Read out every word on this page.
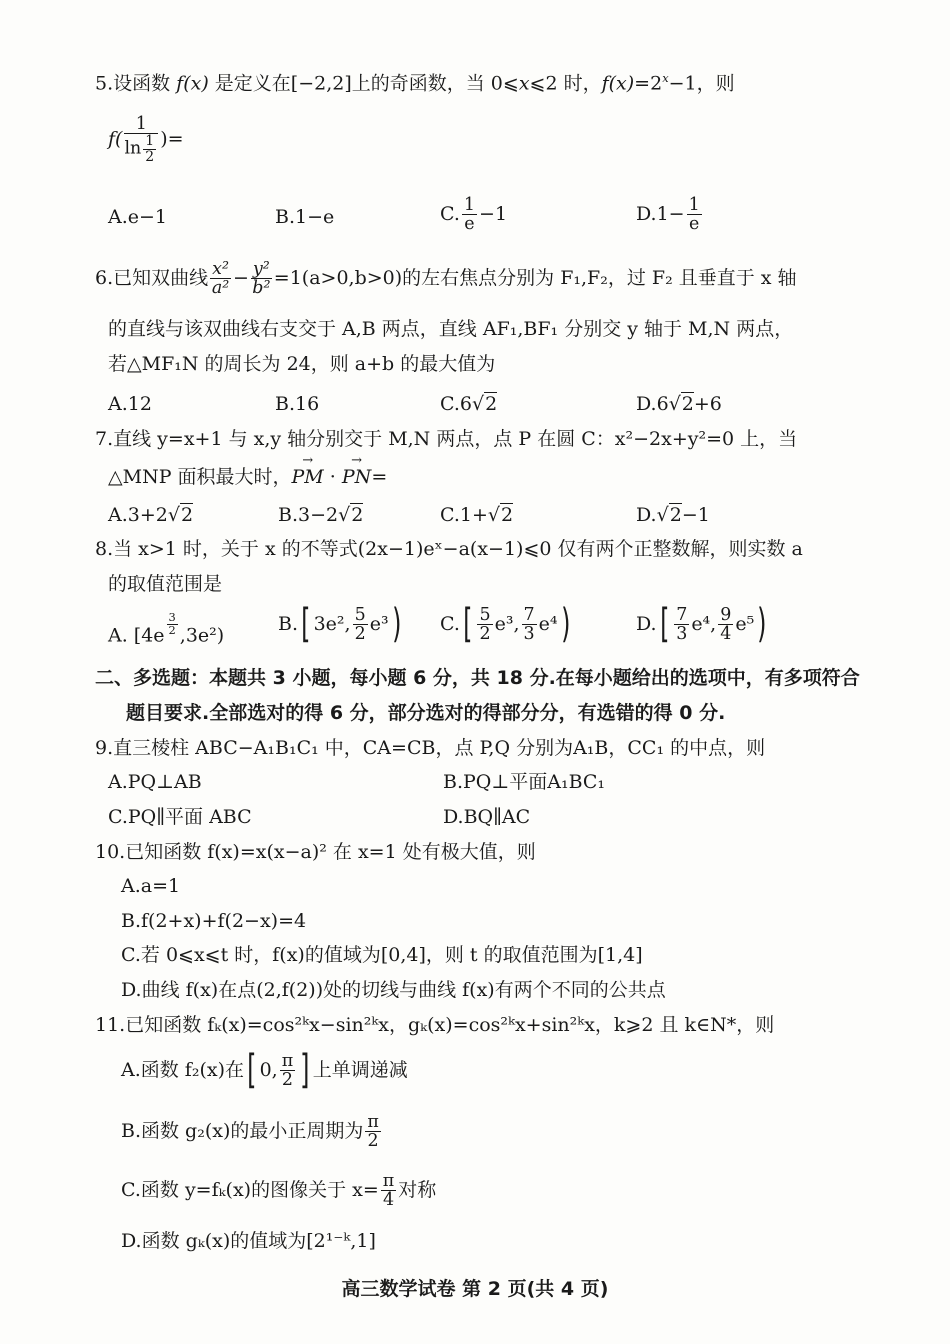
5.设函数 f(x) 是定义在[−2,2]上的奇函数，当 0⩽x⩽2 时，$f(x)=2^x-1$，则
$f( \frac{1}{\ln \frac{1}{2}}$ )=
A.e−1	B.1−e	C. $\frac{1}{e} -1$	$D.1- \frac{1}{e}$
6.已知双曲线 $\frac{\text{x²}}{\text{a²}} - \frac{\text{y²}}{\text{b²}} =1(a>0,b>0)$的左右焦点分别为 F₁,F₂，过 F₂ 且垂直于 x 轴
的直线与该双曲线右支交于 A,B 两点，直线 AF₁,BF₁ 分别交 y 轴于 M,N 两点，
若△MF₁N 的周长为 24，则 a+b 的最大值为
A.12	B.16	C.6√2	D.6√2+6
7.直线 y=x+1 与 x,y 轴分别交于 M,N 两点，点 P 在圆 C：x²−2x+y²=0 上，当
△MNP 面积最大时，→ PM · → PN=
A.3+2√2	B.3−2√2	C.1+√2	D.√2−1
8.当 x>1 时，关于 x 的不等式(2x−1)eˣ−a(x−1)⩽0 仅有两个正整数解，则实数 a
的取值范围是
A. [4e $^{\frac{3}{2}}$ ,3e²)
B.[ 3e², $\frac{5}{2} e^3$) $C.[ \frac{5}{2} e^3$, $\frac{7}{3} e^4$)	$D.[ \frac{7}{3} e^4$, $\frac{9}{4} e^5$)
二、多选题：本题共 3 小题，每小题 6 分，共 18 分.在每小题给出的选项中，有多项符合
题目要求.全部选对的得 6 分，部分选对的得部分分，有选错的得 0 分.
9.直三棱柱 ABC−A₁B₁C₁ 中，CA=CB，点 P,Q 分别为A₁B，CC₁ 的中点，则
A.PQ⊥AB	B.PQ⊥平面A₁BC₁
C.PQ∥平面 ABC	D.BQ∥AC
10.已知函数 f(x)=x(x−a)² 在 x=1 处有极大值，则
A.a=1
B.f(2+x)+f(2−x)=4
C.若 0⩽x⩽t 时，f(x)的值域为[0,4]，则 t 的取值范围为[1,4]
D.曲线 f(x)在点(2,f(2))处的切线与曲线 f(x)有两个不同的公共点
11.已知函数 fₖ(x)=cos²ᵏx−sin²ᵏx，gₖ(x)=cos²ᵏx+sin²ᵏx，k⩾2 且 k∈N*，则
A.函数 f₂(x)在[ 0, $\frac{\pi}{2}$ ] 上单调递减
B.函数 g₂(x)的最小正周期为 $\frac{\pi}{2}$
C.函数 y=fₖ(x)的图像关于 $x= \frac{\pi}{4}$ 对称
D.函数 gₖ(x)的值域为[2¹⁻ᵏ,1]
高三数学试卷 第 2 页(共 4 页)
